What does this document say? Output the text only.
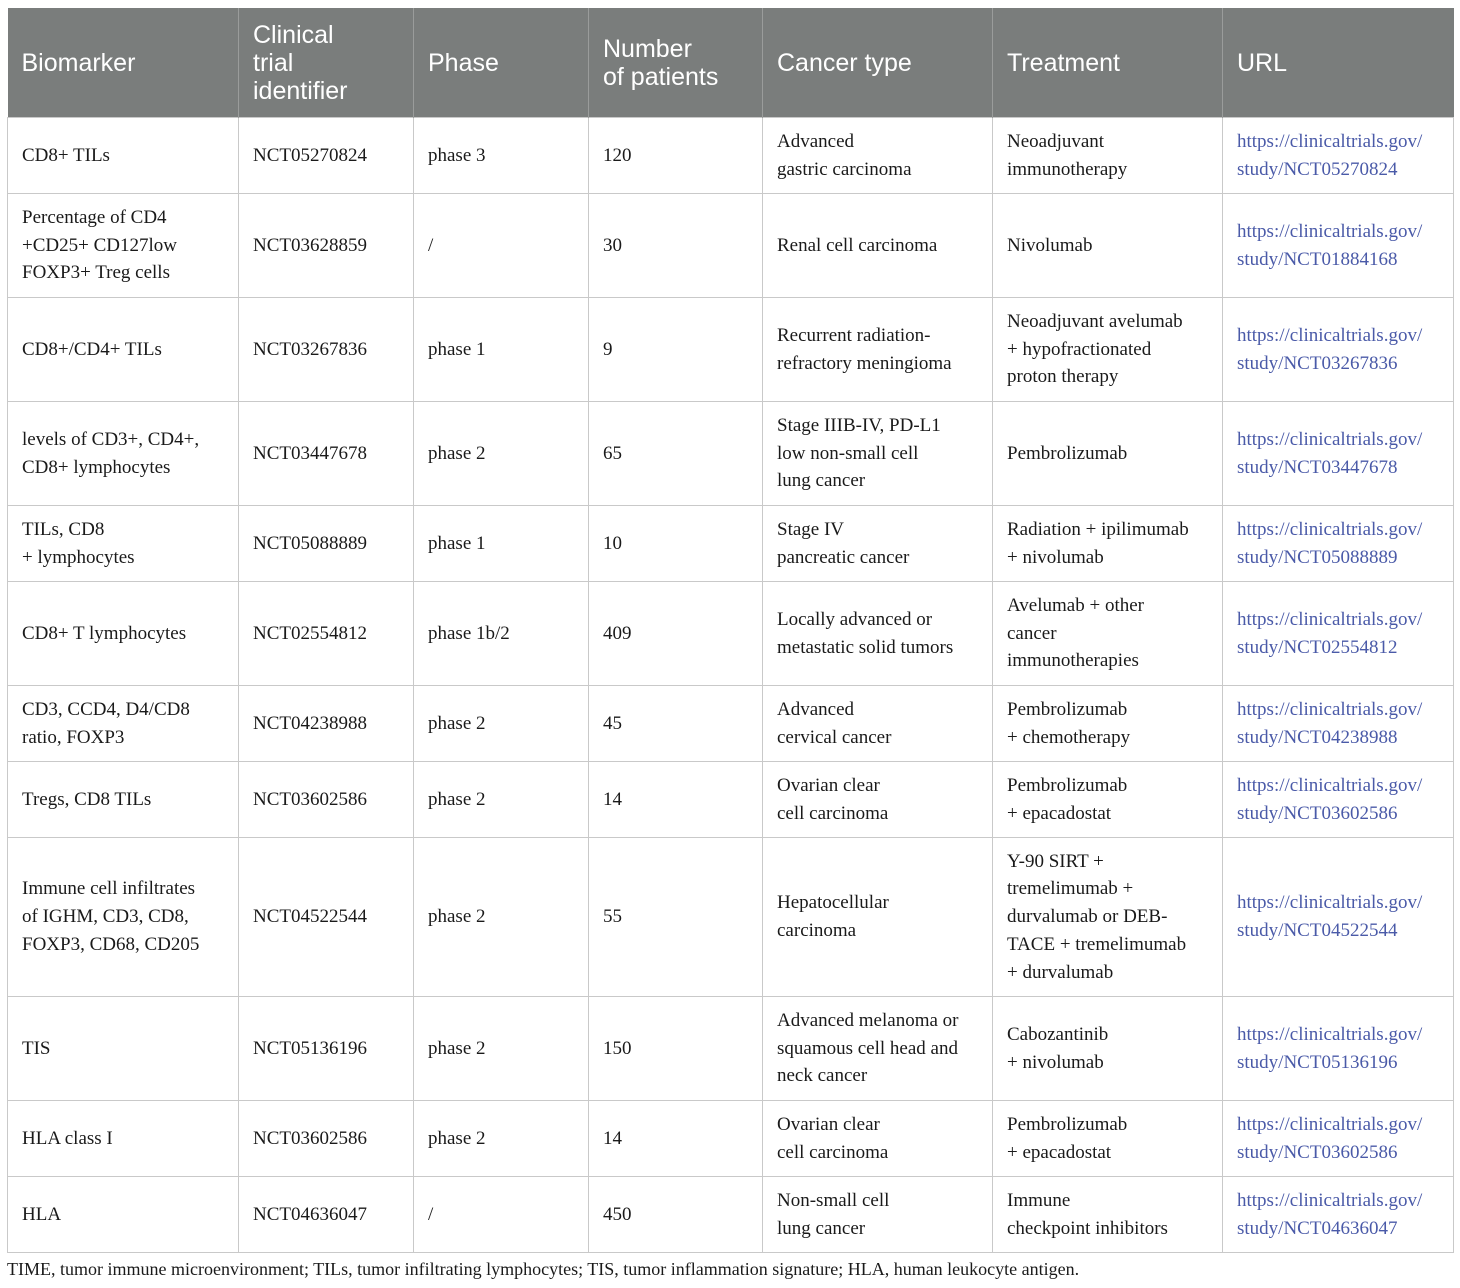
Biomarker	Clinical
trial
identifier	Phase	Number
of patients	Cancer type	Treatment	URL
CD8+ TILs	NCT05270824	phase 3	120	Advanced
gastric carcinoma	Neoadjuvant
immunotherapy	https://clinicaltrials.gov/
study/NCT05270824
Percentage of CD4
+CD25+ CD127low
FOXP3+ Treg cells	NCT03628859	/	30	Renal cell carcinoma	Nivolumab	https://clinicaltrials.gov/
study/NCT01884168
CD8+/CD4+ TILs	NCT03267836	phase 1	9	Recurrent radiation-
refractory meningioma	Neoadjuvant avelumab
+ hypofractionated
proton therapy	https://clinicaltrials.gov/
study/NCT03267836
levels of CD3+, CD4+,
CD8+ lymphocytes	NCT03447678	phase 2	65	Stage IIIB-IV, PD-L1
low non-small cell
lung cancer	Pembrolizumab	https://clinicaltrials.gov/
study/NCT03447678
TILs, CD8
+ lymphocytes	NCT05088889	phase 1	10	Stage IV
pancreatic cancer	Radiation + ipilimumab
+ nivolumab	https://clinicaltrials.gov/
study/NCT05088889
CD8+ T lymphocytes	NCT02554812	phase 1b/2	409	Locally advanced or
metastatic solid tumors	Avelumab + other
cancer
immunotherapies	https://clinicaltrials.gov/
study/NCT02554812
CD3, CCD4, D4/CD8
ratio, FOXP3	NCT04238988	phase 2	45	Advanced
cervical cancer	Pembrolizumab
+ chemotherapy	https://clinicaltrials.gov/
study/NCT04238988
Tregs, CD8 TILs	NCT03602586	phase 2	14	Ovarian clear
cell carcinoma	Pembrolizumab
+ epacadostat	https://clinicaltrials.gov/
study/NCT03602586
Immune cell infiltrates
of IGHM, CD3, CD8,
FOXP3, CD68, CD205	NCT04522544	phase 2	55	Hepatocellular
carcinoma	Y-90 SIRT +
tremelimumab +
durvalumab or DEB-
TACE + tremelimumab
+ durvalumab	https://clinicaltrials.gov/
study/NCT04522544
TIS	NCT05136196	phase 2	150	Advanced melanoma or
squamous cell head and
neck cancer	Cabozantinib
+ nivolumab	https://clinicaltrials.gov/
study/NCT05136196
HLA class I	NCT03602586	phase 2	14	Ovarian clear
cell carcinoma	Pembrolizumab
+ epacadostat	https://clinicaltrials.gov/
study/NCT03602586
HLA	NCT04636047	/	450	Non-small cell
lung cancer	Immune
checkpoint inhibitors	https://clinicaltrials.gov/
study/NCT04636047
TIME, tumor immune microenvironment; TILs, tumor infiltrating lymphocytes; TIS, tumor inflammation signature; HLA, human leukocyte antigen.
